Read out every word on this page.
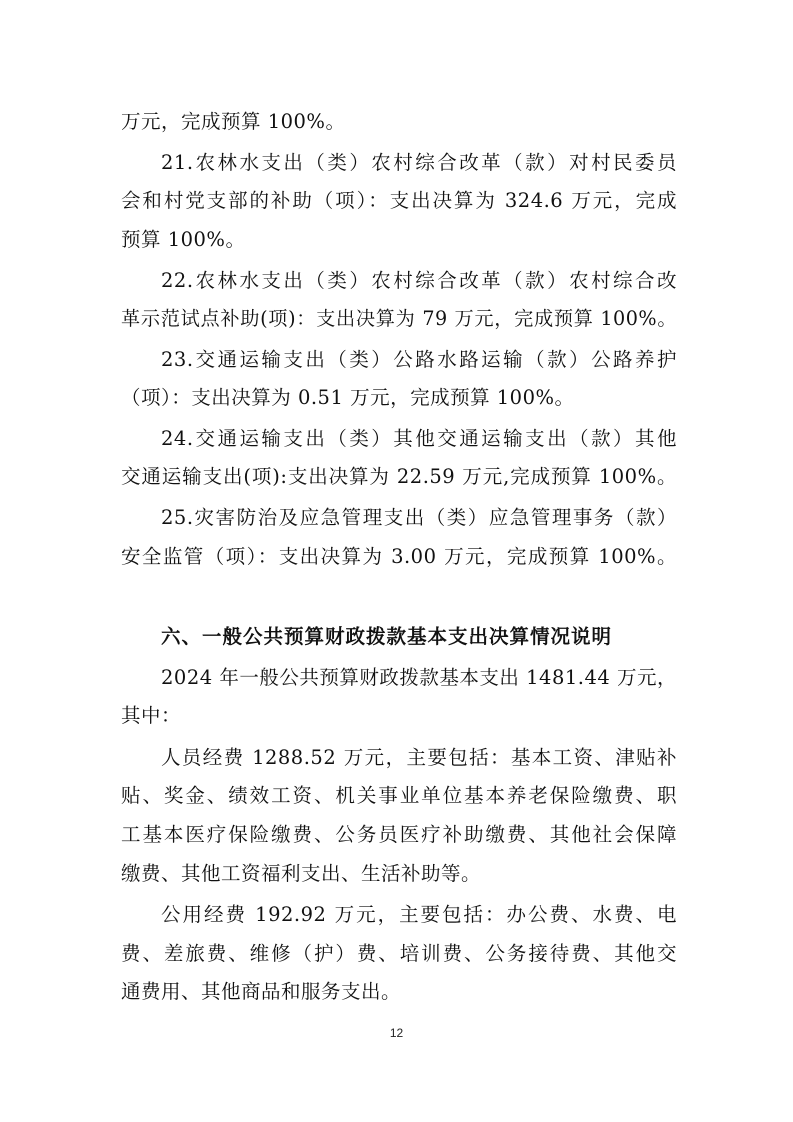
万元，完成预算 100%。
21.农林水支出（类）农村综合改革（款）对村民委员
会和村党支部的补助（项）：支出决算为 324.6 万元，完成
预算 100%。
22.农林水支出（类）农村综合改革（款）农村综合改
革示范试点补助(项)：支出决算为 79 万元，完成预算 100%。
23.交通运输支出（类）公路水路运输（款）公路养护
（项）：支出决算为 0.51 万元，完成预算 100%。
24.交通运输支出（类）其他交通运输支出（款）其他
交通运输支出(项):支出决算为 22.59 万元,完成预算 100%。
25.灾害防治及应急管理支出（类）应急管理事务（款）
安全监管（项）：支出决算为 3.00 万元，完成预算 100%。
六、一般公共预算财政拨款基本支出决算情况说明
2024 年一般公共预算财政拨款基本支出 1481.44 万元，
其中：
人员经费 1288.52 万元，主要包括：基本工资、津贴补
贴、奖金、绩效工资、机关事业单位基本养老保险缴费、职
工基本医疗保险缴费、公务员医疗补助缴费、其他社会保障
缴费、其他工资福利支出、生活补助等。
公用经费 192.92 万元，主要包括：办公费、水费、电
费、差旅费、维修（护）费、培训费、公务接待费、其他交
通费用、其他商品和服务支出。
12
